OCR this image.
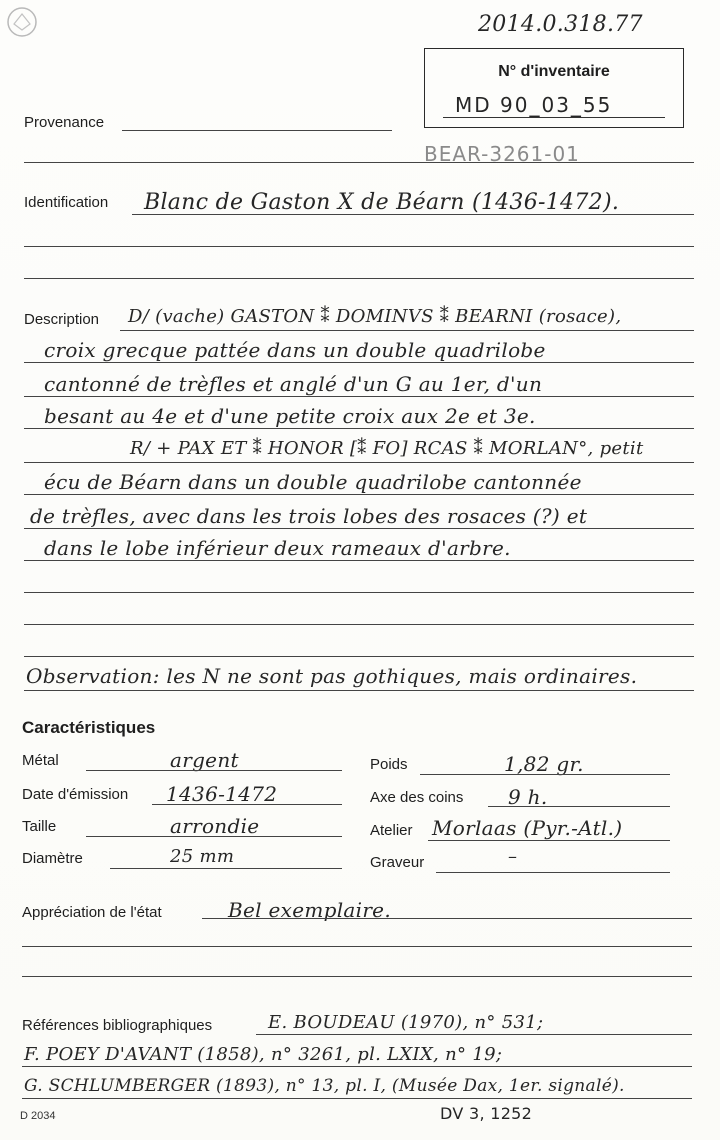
2014.0.318.77
N° d'inventaire
MD 90_03_55
Provenance
BEAR-3261-01
Identification Blanc de Gaston X de Béarn (1436-1472).
Description D/ (vache) GASTON ⁑ DOMINVS ⁑ BEARNI (rosace),
croix grecque pattée dans un double quadrilobe
cantonné de trèfles et anglé d'un G au 1er, d'un
besant au 4e et d'une petite croix aux 2e et 3e.
R/ + PAX ET ⁑ HONOR [⁑ FO] RCAS ⁑ MORLAN°, petit
écu de Béarn dans un double quadrilobe cantonnée
de trèfles, avec dans les trois lobes des rosaces (?) et
dans le lobe inférieur deux rameaux d'arbre.
Observation: les N ne sont pas gothiques, mais ordinaires.
Caractéristiques
Métal	argent
Date d'émission 1436-1472
Taille	arrondie
Diamètre	25 mm
Poids	1,82 gr.
Axe des coins 9 h.
Atelier Morlaas (Pyr.-Atl.)
Graveur	–
Appréciation de l'état	Bel exemplaire.
Références bibliographiques	E. BOUDEAU (1970), n° 531;
F. POEY D'AVANT (1858), n° 3261, pl. LXIX, n° 19;
G. SCHLUMBERGER (1893), n° 13, pl. I, (Musée Dax, 1er. signalé).
DV 3, 1252
D 2034
